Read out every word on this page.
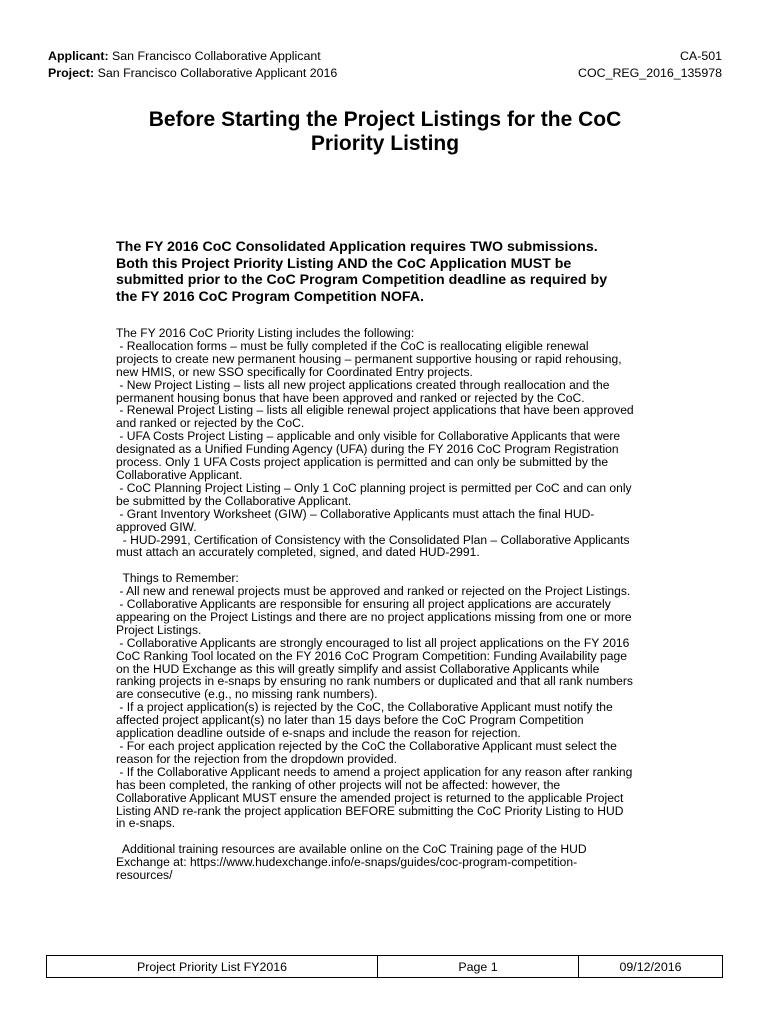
Applicant: San Francisco Collaborative Applicant	CA-501
Project: San Francisco Collaborative Applicant 2016	COC_REG_2016_135978
Before Starting the Project Listings for the CoC
Priority Listing
The FY 2016 CoC Consolidated Application requires TWO submissions.
Both this Project Priority Listing AND the CoC Application MUST be
submitted prior to the CoC Program Competition deadline as required by
the FY 2016 CoC Program Competition NOFA.

The FY 2016 CoC Priority Listing includes the following:

- Reallocation forms – must be fully completed if the CoC is reallocating eligible renewal

projects to create new permanent housing – permanent supportive housing or rapid rehousing,

new HMIS, or new SSO specifically for Coordinated Entry projects.

- New Project Listing – lists all new project applications created through reallocation and the

permanent housing bonus that have been approved and ranked or rejected by the CoC.

- Renewal Project Listing – lists all eligible renewal project applications that have been approved

and ranked or rejected by the CoC.

- UFA Costs Project Listing – applicable and only visible for Collaborative Applicants that were

designated as a Unified Funding Agency (UFA) during the FY 2016 CoC Program Registration

process. Only 1 UFA Costs project application is permitted and can only be submitted by the

Collaborative Applicant.

- CoC Planning Project Listing – Only 1 CoC planning project is permitted per CoC and can only

be submitted by the Collaborative Applicant.

- Grant Inventory Worksheet (GIW) – Collaborative Applicants must attach the final HUD-

approved GIW.

- HUD-2991, Certification of Consistency with the Consolidated Plan – Collaborative Applicants

must attach an accurately completed, signed, and dated HUD-2991.

Things to Remember:

- All new and renewal projects must be approved and ranked or rejected on the Project Listings.

- Collaborative Applicants are responsible for ensuring all project applications are accurately

appearing on the Project Listings and there are no project applications missing from one or more

Project Listings.

- Collaborative Applicants are strongly encouraged to list all project applications on the FY 2016

CoC Ranking Tool located on the FY 2016 CoC Program Competition: Funding Availability page

on the HUD Exchange as this will greatly simplify and assist Collaborative Applicants while

ranking projects in e-snaps by ensuring no rank numbers or duplicated and that all rank numbers

are consecutive (e.g., no missing rank numbers).

- If a project application(s) is rejected by the CoC, the Collaborative Applicant must notify the

affected project applicant(s) no later than 15 days before the CoC Program Competition

application deadline outside of e-snaps and include the reason for rejection.

- For each project application rejected by the CoC the Collaborative Applicant must select the

reason for the rejection from the dropdown provided.

- If the Collaborative Applicant needs to amend a project application for any reason after ranking

has been completed, the ranking of other projects will not be affected: however, the

Collaborative Applicant MUST ensure the amended project is returned to the applicable Project

Listing AND re-rank the project application BEFORE submitting the CoC Priority Listing to HUD

in e-snaps.

Additional training resources are available online on the CoC Training page of the HUD

Exchange at: https://www.hudexchange.info/e-snaps/guides/coc-program-competition-

resources/

Project Priority List FY2016	Page 1	09/12/2016
